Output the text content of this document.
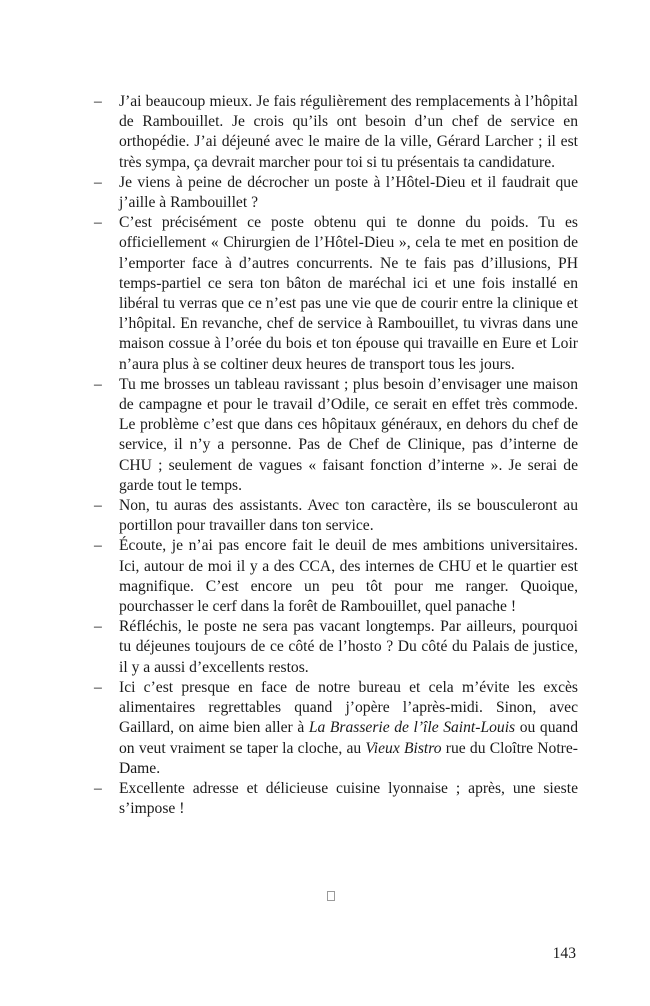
– J’ai beaucoup mieux. Je fais régulièrement des remplacements à l’hôpital de Rambouillet. Je crois qu’ils ont besoin d’un chef de service en orthopédie. J’ai déjeuné avec le maire de la ville, Gérard Larcher ; il est très sympa, ça devrait marcher pour toi si tu présentais ta candidature.
– Je viens à peine de décrocher un poste à l’Hôtel-Dieu et il faudrait que j’aille à Rambouillet ?
– C’est précisément ce poste obtenu qui te donne du poids. Tu es officiellement « Chirurgien de l’Hôtel-Dieu », cela te met en position de l’emporter face à d’autres concurrents. Ne te fais pas d’illusions, PH temps-partiel ce sera ton bâton de maréchal ici et une fois installé en libéral tu verras que ce n’est pas une vie que de courir entre la clinique et l’hôpital. En revanche, chef de service à Rambouillet, tu vivras dans une maison cossue à l’orée du bois et ton épouse qui travaille en Eure et Loir n’aura plus à se coltiner deux heures de transport tous les jours.
– Tu me brosses un tableau ravissant ; plus besoin d’envisager une maison de campagne et pour le travail d’Odile, ce serait en effet très commode. Le problème c’est que dans ces hôpitaux généraux, en dehors du chef de service, il n’y a personne. Pas de Chef de Clinique, pas d’interne de CHU ; seulement de vagues « faisant fonction d’interne ». Je serai de garde tout le temps.
– Non, tu auras des assistants. Avec ton caractère, ils se bousculeront au portillon pour travailler dans ton service.
– Écoute, je n’ai pas encore fait le deuil de mes ambitions universitaires. Ici, autour de moi il y a des CCA, des internes de CHU et le quartier est magnifique. C’est encore un peu tôt pour me ranger. Quoique, pourchasser le cerf dans la forêt de Rambouillet, quel panache !
– Réfléchis, le poste ne sera pas vacant longtemps. Par ailleurs, pourquoi tu déjeunes toujours de ce côté de l’hosto ? Du côté du Palais de justice, il y a aussi d’excellents restos.
– Ici c’est presque en face de notre bureau et cela m’évite les excès alimentaires regrettables quand j’opère l’après-midi. Sinon, avec Gaillard, on aime bien aller à La Brasserie de l’île Saint-Louis ou quand on veut vraiment se taper la cloche, au Vieux Bistro rue du Cloître Notre-Dame.
– Excellente adresse et délicieuse cuisine lyonnaise ; après, une sieste s’impose !
143
